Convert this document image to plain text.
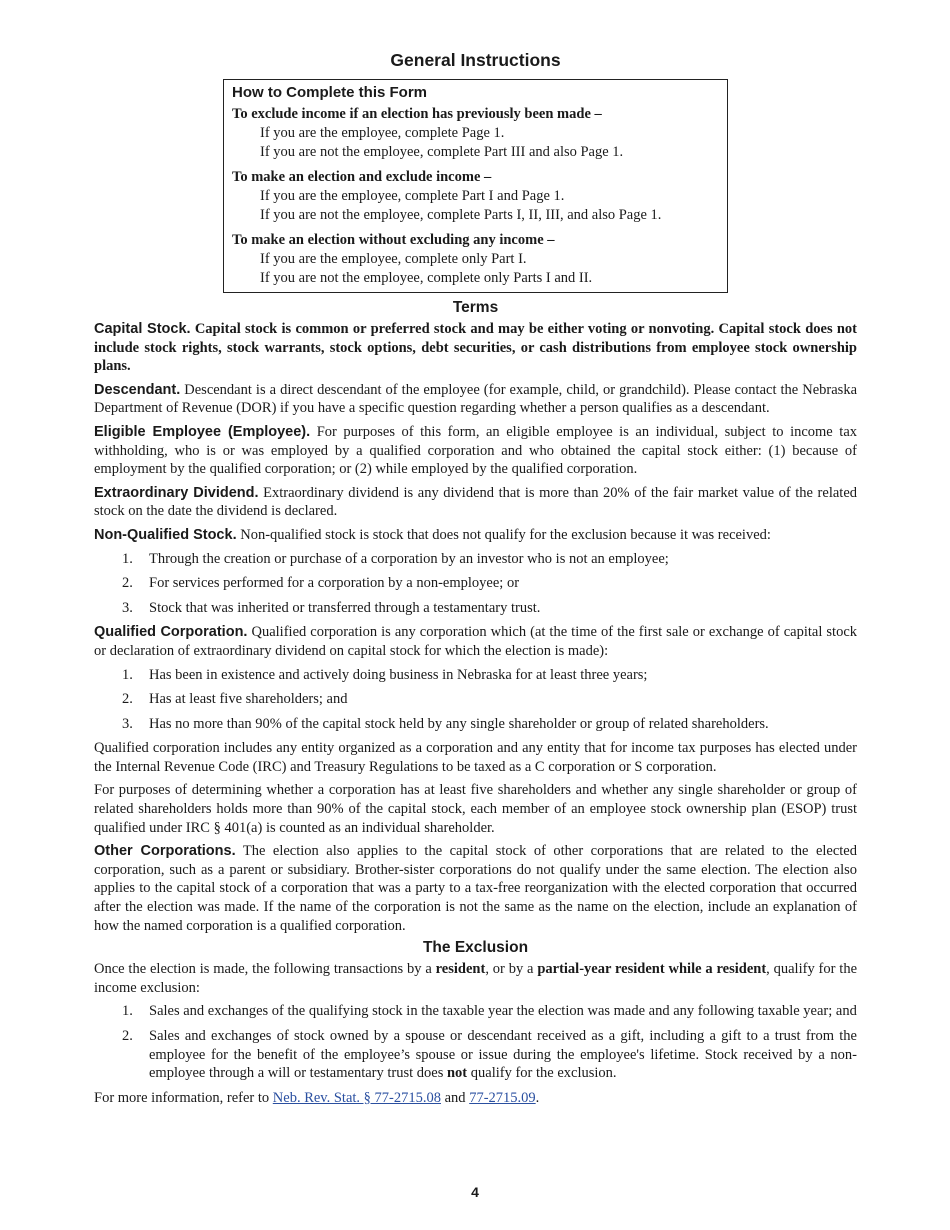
General Instructions
How to Complete this Form
To exclude income if an election has previously been made –
If you are the employee, complete Page 1.
If you are not the employee, complete Part III and also Page 1.
To make an election and exclude income –
If you are the employee, complete Part I and Page 1.
If you are not the employee, complete Parts I, II, III, and also Page 1.
To make an election without excluding any income –
If you are the employee, complete only Part I.
If you are not the employee, complete only Parts I and II.
Terms

Capital Stock. Capital stock is common or preferred stock and may be either voting or nonvoting. Capital stock does not include stock rights, stock warrants, stock options, debt securities, or cash distributions from employee stock ownership plans.

Descendant. Descendant is a direct descendant of the employee (for example, child, or grandchild). Please contact the Nebraska Department of Revenue (DOR) if you have a specific question regarding whether a person qualifies as a descendant.

Eligible Employee (Employee). For purposes of this form, an eligible employee is an individual, subject to income tax withholding, who is or was employed by a qualified corporation and who obtained the capital stock either: (1) because of employment by the qualified corporation; or (2) while employed by the qualified corporation.

Extraordinary Dividend. Extraordinary dividend is any dividend that is more than 20% of the fair market value of the related stock on the date the dividend is declared.

Non-Qualified Stock. Non-qualified stock is stock that does not qualify for the exclusion because it was received:

1. Through the creation or purchase of a corporation by an investor who is not an employee;
2. For services performed for a corporation by a non-employee; or
3. Stock that was inherited or transferred through a testamentary trust.

Qualified Corporation. Qualified corporation is any corporation which (at the time of the first sale or exchange of capital stock or declaration of extraordinary dividend on capital stock for which the election is made):

1. Has been in existence and actively doing business in Nebraska for at least three years;
2. Has at least five shareholders; and
3. Has no more than 90% of the capital stock held by any single shareholder or group of related shareholders.

Qualified corporation includes any entity organized as a corporation and any entity that for income tax purposes has elected under the Internal Revenue Code (IRC) and Treasury Regulations to be taxed as a C corporation or S corporation.

For purposes of determining whether a corporation has at least five shareholders and whether any single shareholder or group of related shareholders holds more than 90% of the capital stock, each member of an employee stock ownership plan (ESOP) trust qualified under IRC § 401(a) is counted as an individual shareholder.

Other Corporations. The election also applies to the capital stock of other corporations that are related to the elected corporation, such as a parent or subsidiary. Brother-sister corporations do not qualify under the same election. The election also applies to the capital stock of a corporation that was a party to a tax-free reorganization with the elected corporation that occurred after the election was made. If the name of the corporation is not the same as the name on the election, include an explanation of how the named corporation is a qualified corporation.

The Exclusion

Once the election is made, the following transactions by a resident, or by a partial-year resident while a resident, qualify for the income exclusion:

1. Sales and exchanges of the qualifying stock in the taxable year the election was made and any following taxable year; and
2. Sales and exchanges of stock owned by a spouse or descendant received as a gift, including a gift to a trust from the employee for the benefit of the employee’s spouse or issue during the employee's lifetime. Stock received by a non-employee through a will or testamentary trust does not qualify for the exclusion.

For more information, refer to Neb. Rev. Stat. § 77-2715.08 and 77-2715.09.

4
